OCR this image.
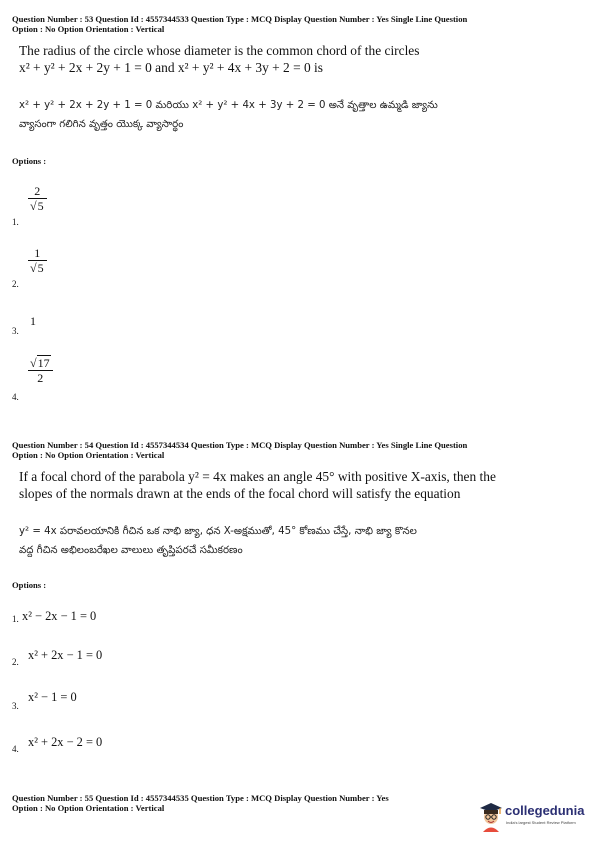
Question Number : 53 Question Id : 4557344533 Question Type : MCQ Display Question Number : Yes Single Line Question
Option : No Option Orientation : Vertical
The radius of the circle whose diameter is the common chord of the circles
x² + y² + 2x + 2y + 1 = 0 and x² + y² + 4x + 3y + 2 = 0 is
x² + y² + 2x + 2y + 1 = 0 మరియు x² + y² + 4x + 3y + 2 = 0 అనే వృత్తాల ఉమ్మడి జ్యాను
వ్యాసంగా గలిగిన వృత్తం యొక్క వ్యాసార్థం
Options :
1.
2
√5
2.
1
√5
3.
1
4.
√17
2
Question Number : 54 Question Id : 4557344534 Question Type : MCQ Display Question Number : Yes Single Line Question
Option : No Option Orientation : Vertical
If a focal chord of the parabola y² = 4x makes an angle 45° with positive X-axis, then the
slopes of the normals drawn at the ends of the focal chord will satisfy the equation
y² = 4x పరావలయానికి గీచిన ఒక నాభి జ్యా, ధన X-అక్షముతో, 45° కోణము చేస్తే, నాభి జ్యా కొనల
వద్ద గీచిన అభిలంబరేఖల వాలులు తృప్తిపరచే సమీకరణం
Options :
1. x² − 2x − 1 = 0
2. x² + 2x − 1 = 0
3.
x² − 1 = 0
4. x² + 2x − 2 = 0
Question Number : 55 Question Id : 4557344535 Question Type : MCQ Display Question Number : Yes
Option : No Option Orientation : Vertical	collegedunia
India's largest Student Review Platform
